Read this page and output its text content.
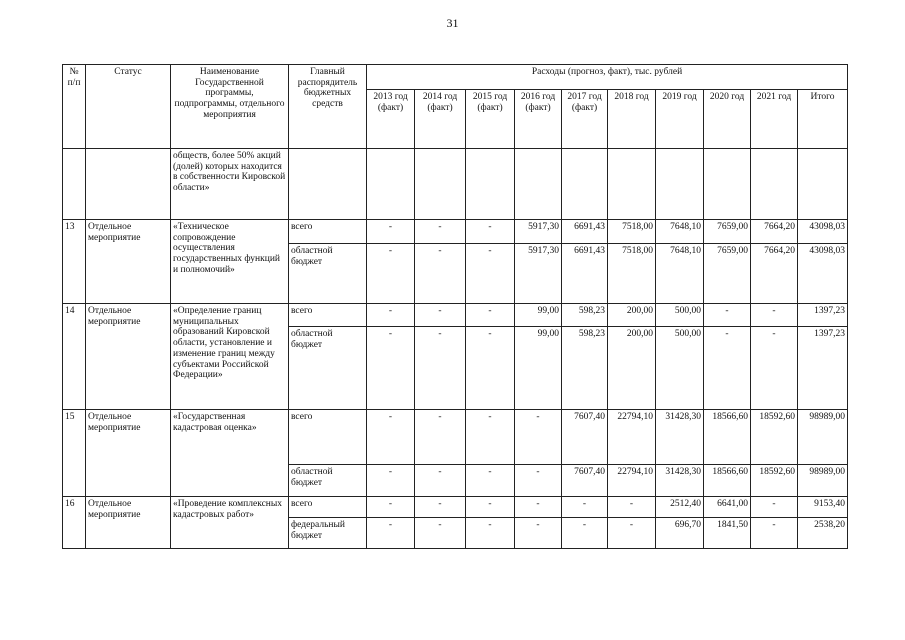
31
№ п/п	Статус	Наименование Государственной программы, подпрограммы, отдельного мероприятия	Главный распорядитель бюджетных средств	Расходы (прогноз, факт), тыс. рублей									
				2013 год (факт)	2014 год (факт)	2015 год (факт)	2016 год (факт)	2017 год (факт)	2018 год	2019 год	2020 год	2021 год	Итого
		обществ, более 50% акций (долей) которых находится в собственности Кировской области»											
13	Отдельное мероприятие	«Техническое сопровождение осуществления государственных функций и полномочий»	всего	-	-	-	5917,30	6691,43	7518,00	7648,10	7659,00	7664,20	43098,03
			областной бюджет	-	-	-	5917,30	6691,43	7518,00	7648,10	7659,00	7664,20	43098,03
14	Отдельное мероприятие	«Определение границ муниципальных образований Кировской области, установление и изменение границ между субъектами Российской Федерации»	всего	-	-	-	99,00	598,23	200,00	500,00	-	-	1397,23
			областной бюджет	-	-	-	99,00	598,23	200,00	500,00	-	-	1397,23
15	Отдельное мероприятие	«Государственная кадастровая оценка»	всего	-	-	-	-	7607,40	22794,10	31428,30	18566,60	18592,60	98989,00
			областной бюджет	-	-	-	-	7607,40	22794,10	31428,30	18566,60	18592,60	98989,00
16	Отдельное мероприятие	«Проведение комплексных кадастровых работ»	всего	-	-	-	-	-	-	2512,40	6641,00	-	9153,40
			федеральный бюджет	-	-	-	-	-	-	696,70	1841,50	-	2538,20
